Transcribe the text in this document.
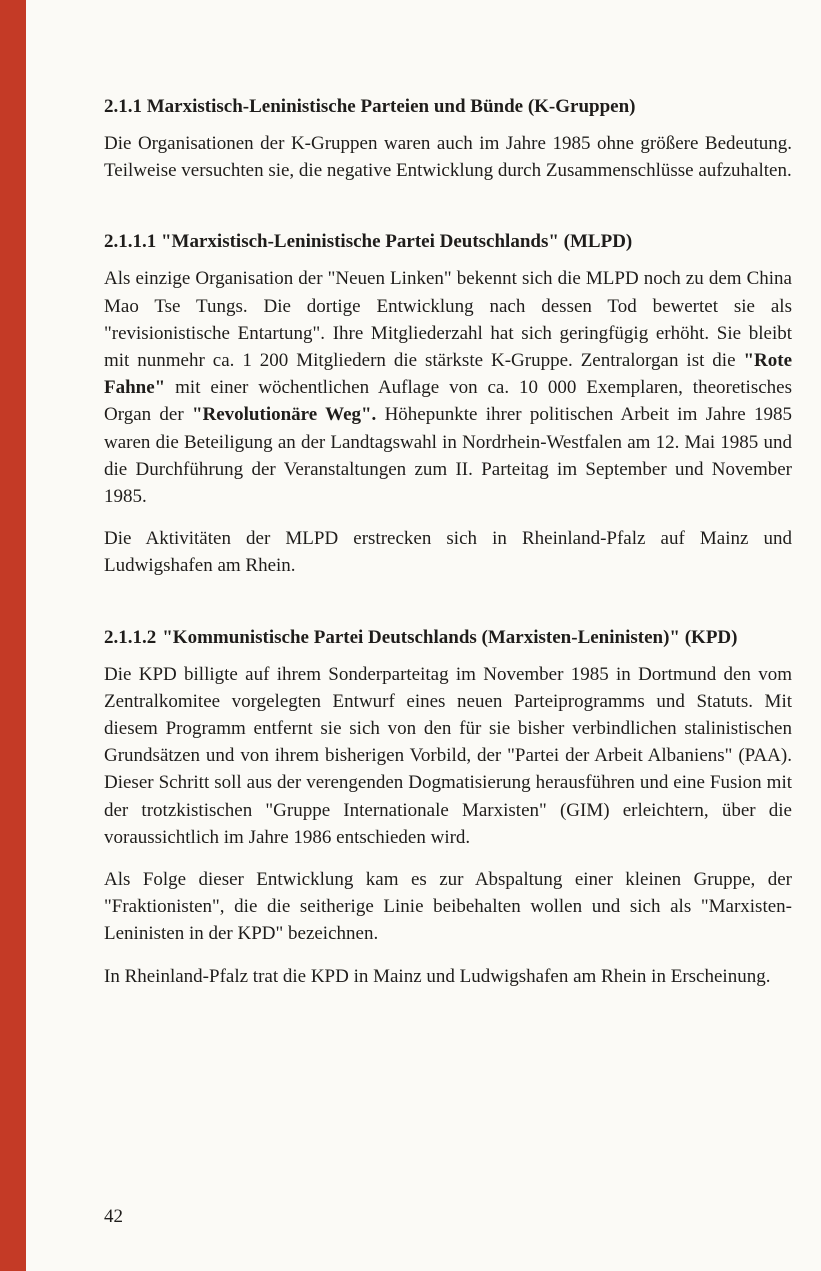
2.1.1 Marxistisch-Leninistische Parteien und Bünde (K-Gruppen)

Die Organisationen der K-Gruppen waren auch im Jahre 1985 ohne größere Bedeutung. Teilweise versuchten sie, die negative Entwicklung durch Zusammenschlüsse aufzuhalten.

2.1.1.1 "Marxistisch-Leninistische Partei Deutschlands" (MLPD)

Als einzige Organisation der "Neuen Linken" bekennt sich die MLPD noch zu dem China Mao Tse Tungs. Die dortige Entwicklung nach dessen Tod bewertet sie als "revisionistische Entartung". Ihre Mitgliederzahl hat sich geringfügig erhöht. Sie bleibt mit nunmehr ca. 1 200 Mitgliedern die stärkste K-Gruppe. Zentralorgan ist die "Rote Fahne" mit einer wöchentlichen Auflage von ca. 10 000 Exemplaren, theoretisches Organ der "Revolutionäre Weg". Höhepunkte ihrer politischen Arbeit im Jahre 1985 waren die Beteiligung an der Landtagswahl in Nordrhein-Westfalen am 12. Mai 1985 und die Durchführung der Veranstaltungen zum II. Parteitag im September und November 1985.

Die Aktivitäten der MLPD erstrecken sich in Rheinland-Pfalz auf Mainz und Ludwigshafen am Rhein.

2.1.1.2 "Kommunistische Partei Deutschlands (Marxisten-Leninisten)" (KPD)

Die KPD billigte auf ihrem Sonderparteitag im November 1985 in Dortmund den vom Zentralkomitee vorgelegten Entwurf eines neuen Parteiprogramms und Statuts. Mit diesem Programm entfernt sie sich von den für sie bisher verbindlichen stalinistischen Grundsätzen und von ihrem bisherigen Vorbild, der "Partei der Arbeit Albaniens" (PAA). Dieser Schritt soll aus der verengenden Dogmatisierung herausführen und eine Fusion mit der trotzkistischen "Gruppe Internationale Marxisten" (GIM) erleichtern, über die voraussichtlich im Jahre 1986 entschieden wird.

Als Folge dieser Entwicklung kam es zur Abspaltung einer kleinen Gruppe, der "Fraktionisten", die die seitherige Linie beibehalten wollen und sich als "Marxisten-Leninisten in der KPD" bezeichnen.

In Rheinland-Pfalz trat die KPD in Mainz und Ludwigshafen am Rhein in Erscheinung.

42
